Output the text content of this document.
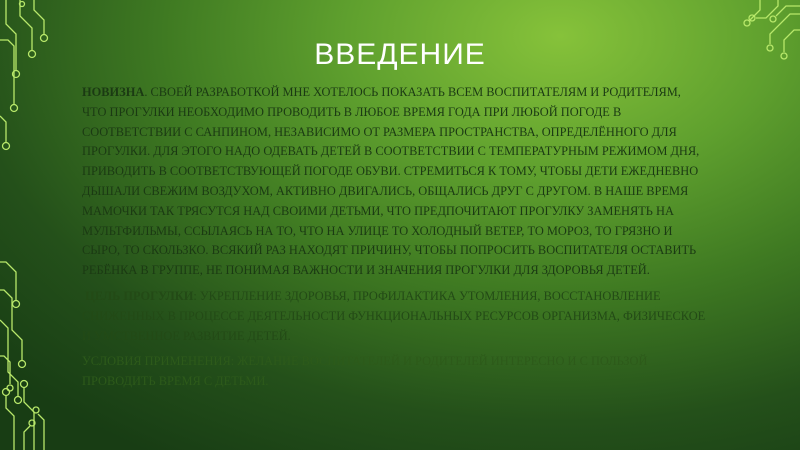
ВВЕДЕНИЕ

НОВИЗНА. СВОЕЙ РАЗРАБОТКОЙ МНЕ ХОТЕЛОСЬ ПОКАЗАТЬ ВСЕМ ВОСПИТАТЕЛЯМ И РОДИТЕЛЯМ, ЧТО ПРОГУЛКИ НЕОБХОДИМО ПРОВОДИТЬ В ЛЮБОЕ ВРЕМЯ ГОДА ПРИ ЛЮБОЙ ПОГОДЕ В СООТВЕТСТВИИ С САНПИНОМ, НЕЗАВИСИМО ОТ РАЗМЕРА ПРОСТРАНСТВА, ОПРЕДЕЛЁННОГО ДЛЯ ПРОГУЛКИ. ДЛЯ ЭТОГО НАДО ОДЕВАТЬ ДЕТЕЙ В СООТВЕТСТВИИ С ТЕМПЕРАТУРНЫМ РЕЖИМОМ ДНЯ, ПРИВОДИТЬ В СООТВЕТСТВУЮЩЕЙ ПОГОДЕ ОБУВИ. СТРЕМИТЬСЯ К ТОМУ, ЧТОБЫ ДЕТИ ЕЖЕДНЕВНО ДЫШАЛИ СВЕЖИМ ВОЗДУХОМ, АКТИВНО ДВИГАЛИСЬ, ОБЩАЛИСЬ ДРУГ С ДРУГОМ. В НАШЕ ВРЕМЯ МАМОЧКИ ТАК ТРЯСУТСЯ НАД СВОИМИ ДЕТЬМИ, ЧТО ПРЕДПОЧИТАЮТ ПРОГУЛКУ ЗАМЕНЯТЬ НА МУЛЬТФИЛЬМЫ, ССЫЛАЯСЬ НА ТО, ЧТО НА УЛИЦЕ ТО ХОЛОДНЫЙ ВЕТЕР, ТО МОРОЗ, ТО ГРЯЗНО И СЫРО, ТО СКОЛЬЗКО. ВСЯКИЙ РАЗ НАХОДЯТ ПРИЧИНУ, ЧТОБЫ ПОПРОСИТЬ ВОСПИТАТЕЛЯ ОСТАВИТЬ РЕБЁНКА В ГРУППЕ, НЕ ПОНИМАЯ ВАЖНОСТИ И ЗНАЧЕНИЯ ПРОГУЛКИ ДЛЯ ЗДОРОВЬЯ ДЕТЕЙ.

ЦЕЛЬ ПРОГУЛКИ: УКРЕПЛЕНИЕ ЗДОРОВЬЯ, ПРОФИЛАКТИКА УТОМЛЕНИЯ, ВОССТАНОВЛЕНИЕ СНИЖЕННЫХ В ПРОЦЕССЕ ДЕЯТЕЛЬНОСТИ ФУНКЦИОНАЛЬНЫХ РЕСУРСОВ ОРГАНИЗМА, ФИЗИЧЕСКОЕ И УМСТВЕННОЕ РАЗВИТИЕ ДЕТЕЙ.

УСЛОВИЯ ПРИМЕНЕНИЯ: ЖЕЛАНИЕ ВОСПИТАТЕЛЕЙ И РОДИТЕЛЕЙ ИНТЕРЕСНО И С ПОЛЬЗОЙ ПРОВОДИТЬ ВРЕМЯ С ДЕТЬМИ.
